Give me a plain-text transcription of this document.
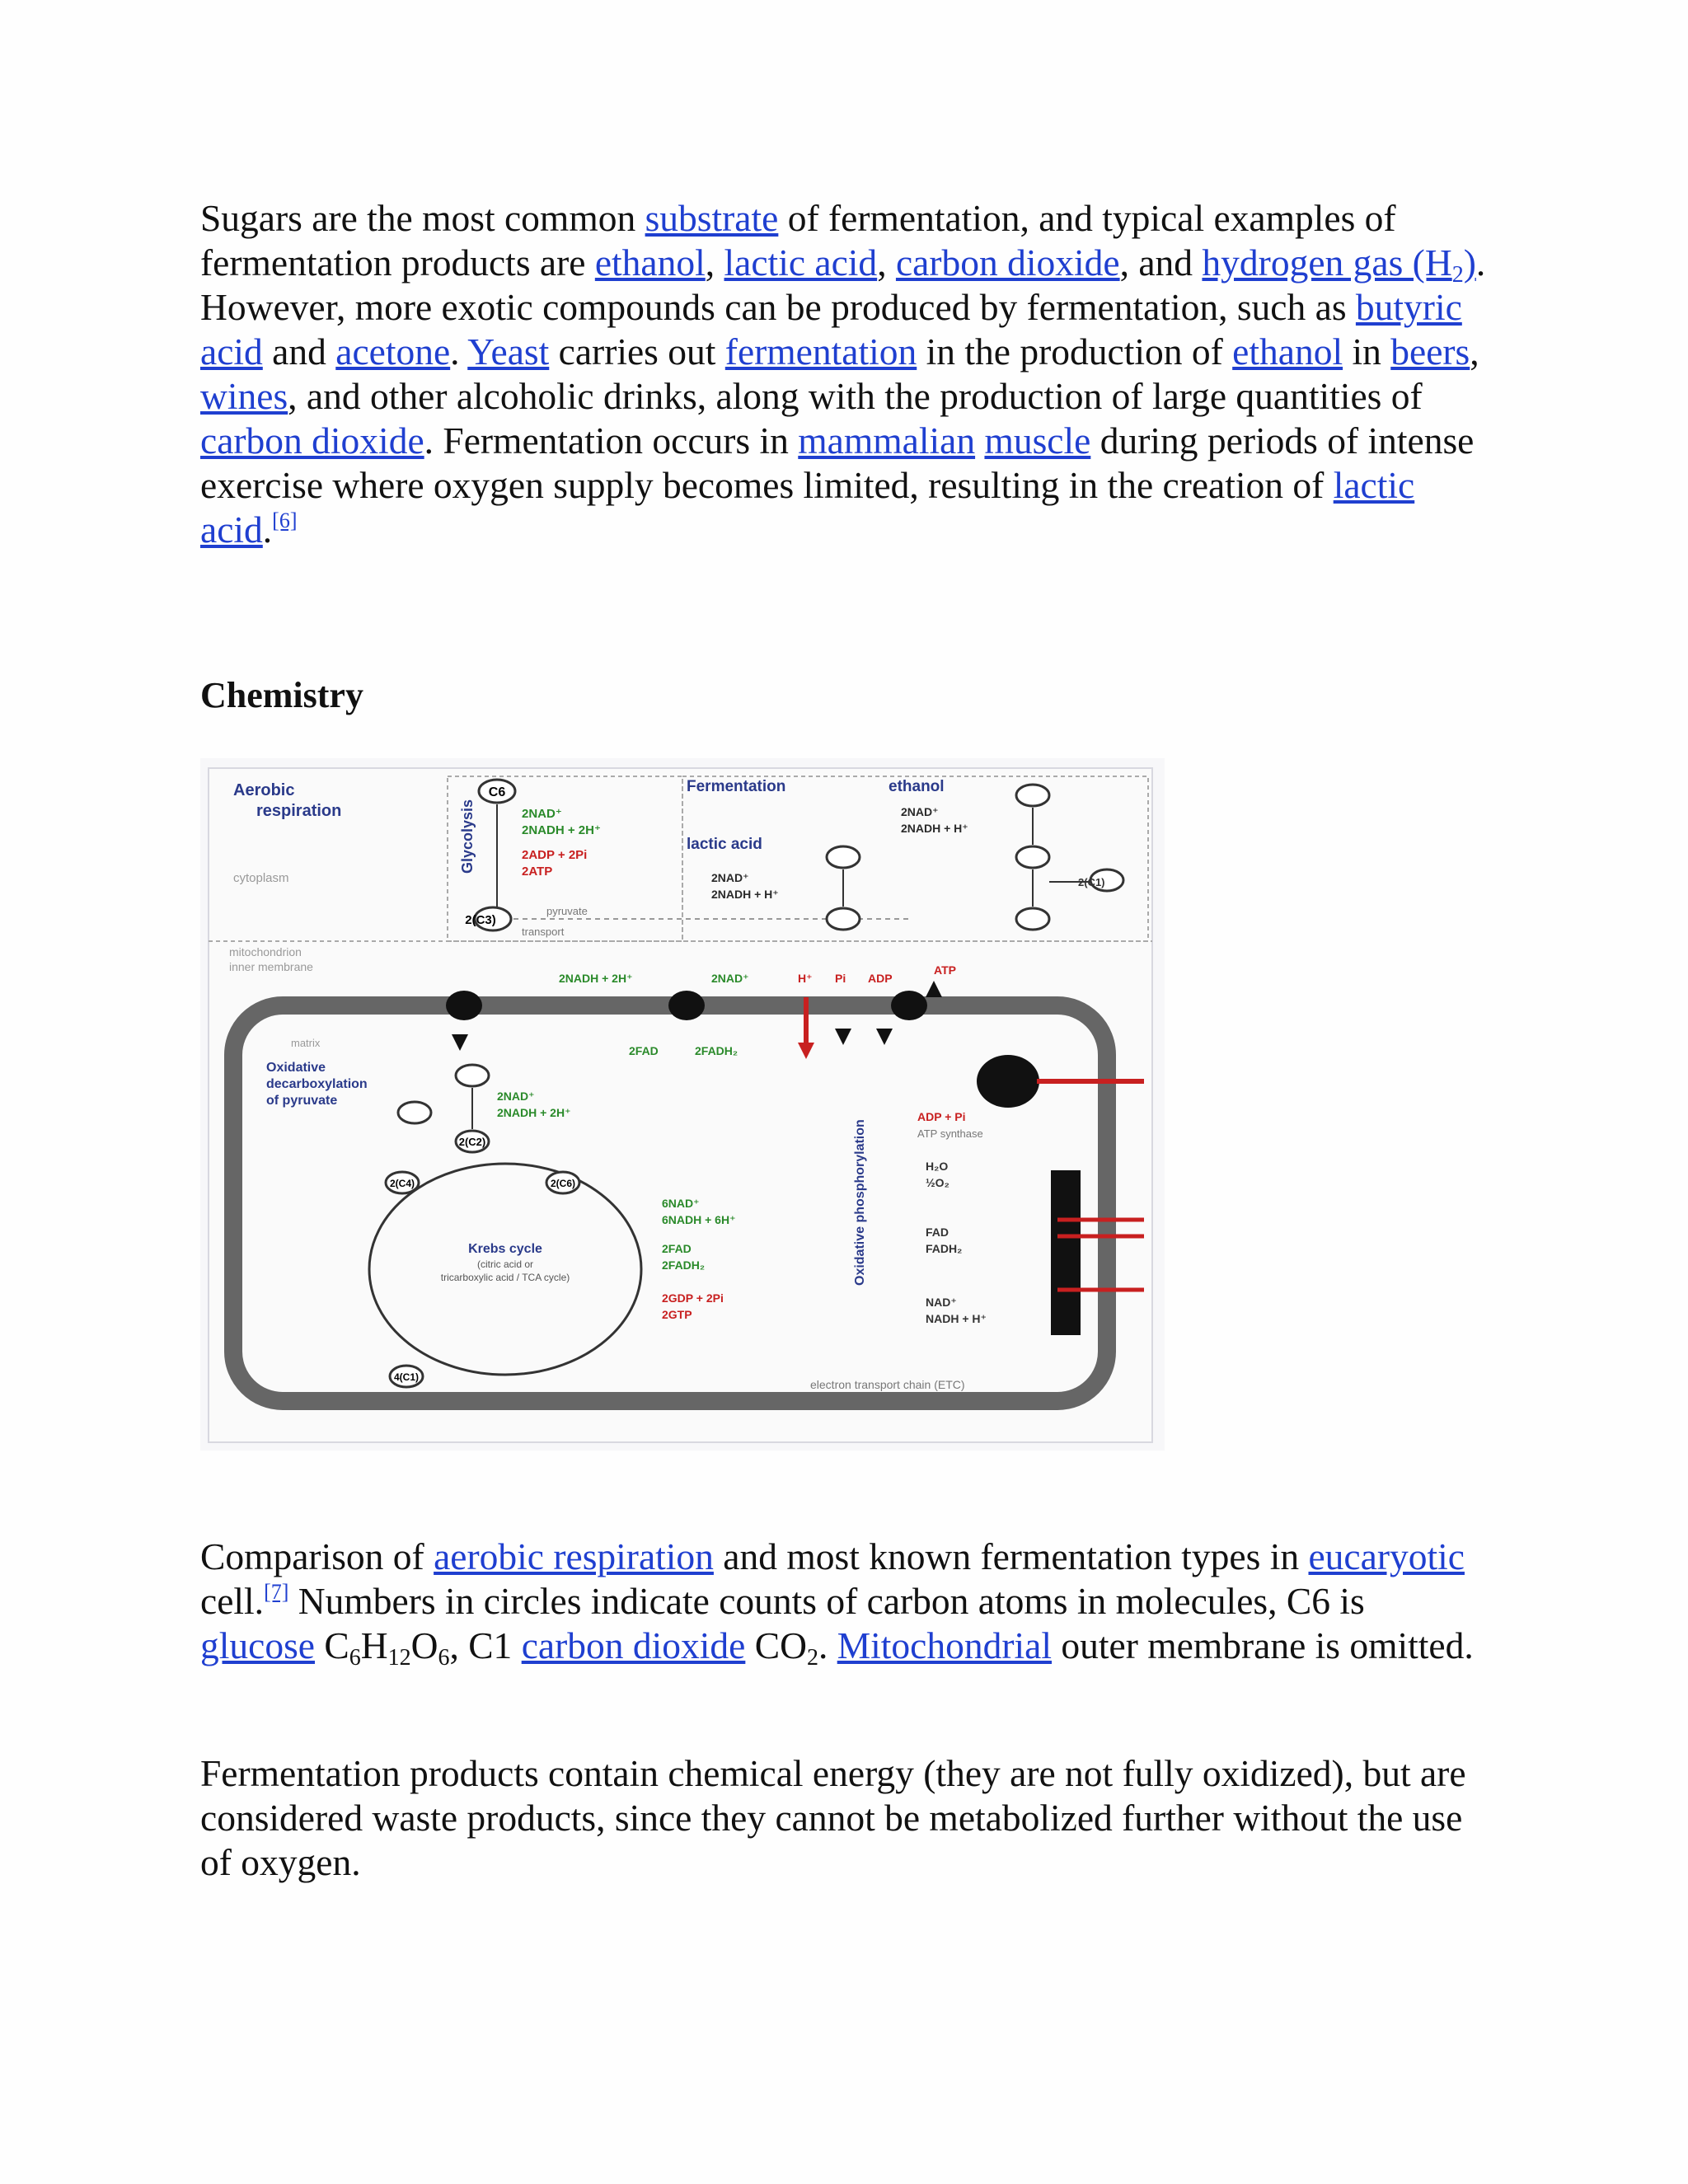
Sugars are the most common substrate of fermentation, and typical examples of fermentation products are ethanol, lactic acid, carbon dioxide, and hydrogen gas $(H_2)$. However, more exotic compounds can be produced by fermentation, such as butyric acid and acetone. Yeast carries out fermentation in the production of ethanol in beers, wines, and other alcoholic drinks, along with the production of large quantities of carbon dioxide. Fermentation occurs in mammalian muscle during periods of intense exercise where oxygen supply becomes limited, resulting in the creation of lactic acid.[6]

Chemistry
Aerobic
respiration
cytoplasm
mitochondrion
inner membrane
Glycolysis
C6
2NAD⁺
2NADH + 2H⁺
2ADP + 2Pi
2ATP
2(C3)
pyruvate
transport
Fermentation	ethanol
lactic acid
2NAD⁺
2NADH + H⁺
2NAD⁺
2NADH + H⁺
2(C1)
2NADH + 2H⁺	2NAD⁺
2FAD	2FADH₂
H⁺ Pi ADP
ATP
Oxidative
decarboxylation
of pyruvate
matrix
2(C2)
2NAD⁺
2NADH + 2H⁺
Krebs cycle
(citric acid or
tricarboxylic acid / TCA cycle)
2(C4)	2(C6)
4(C1)
6NAD⁺
6NADH + 6H⁺
2FAD
2FADH₂
2GDP + 2Pi
2GTP
Oxidative phosphorylation
ADP + Pi
ATP synthase
H₂O
½O₂
FAD
FADH₂
NAD⁺
NADH + H⁺
electron transport chain (ETC)

Comparison of aerobic respiration and most known fermentation types in eucaryotic cell.[7] Numbers in circles indicate counts of carbon atoms in molecules, C6 is glucose $C_6H_{12}O_6$, C1 carbon dioxide $CO_2$. Mitochondrial outer membrane is omitted.

Fermentation products contain chemical energy (they are not fully oxidized), but are considered waste products, since they cannot be metabolized further without the use of oxygen.
